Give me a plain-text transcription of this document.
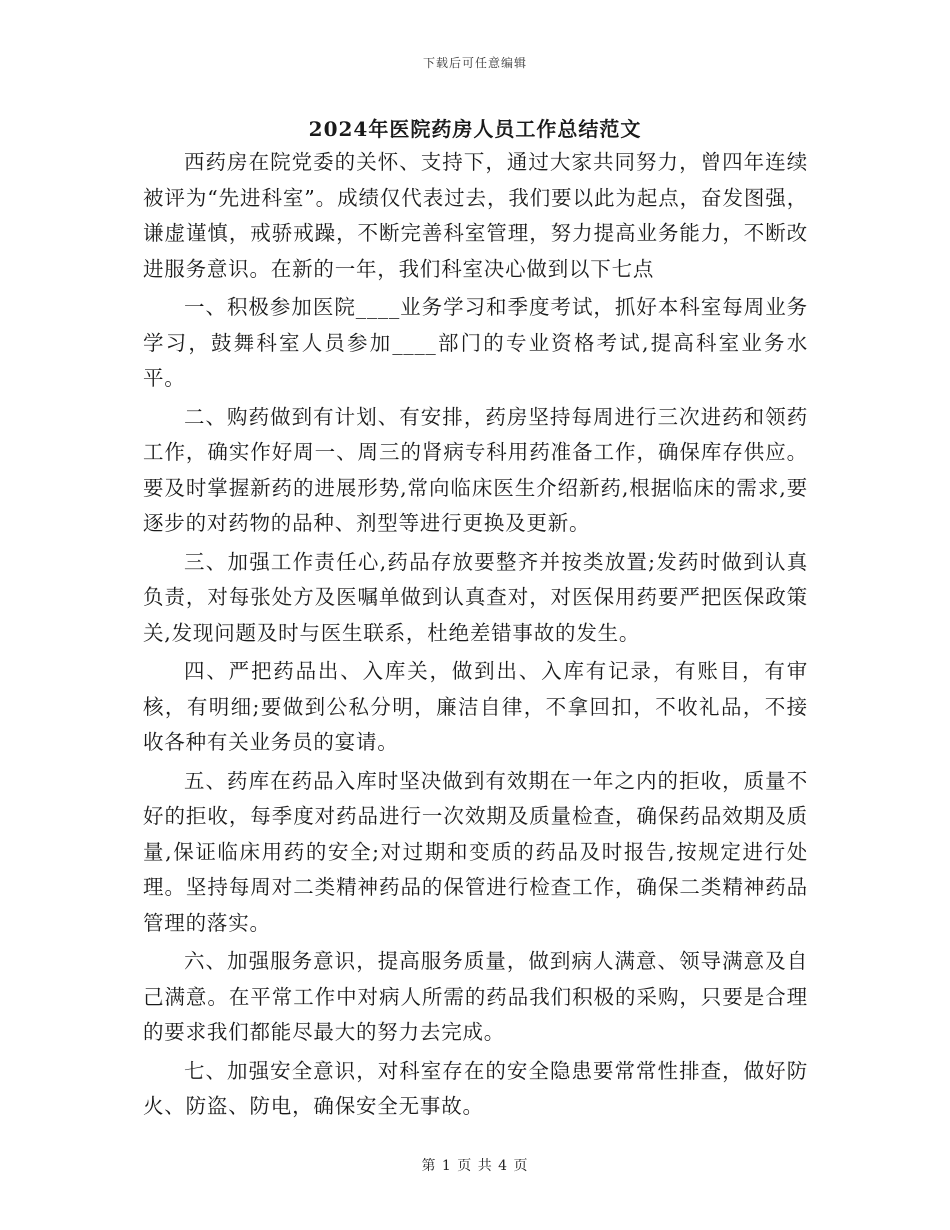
下载后可任意编辑
2024年医院药房人员工作总结范文

西药房在院党委的关怀、支持下，通过大家共同努力，曾四年连续被评为“先进科室”。成绩仅代表过去，我们要以此为起点，奋发图强，谦虚谨慎，戒骄戒躁，不断完善科室管理，努力提高业务能力，不断改进服务意识。在新的一年，我们科室决心做到以下七点

一、积极参加医院____业务学习和季度考试，抓好本科室每周业务学习，鼓舞科室人员参加____部门的专业资格考试,提高科室业务水平。

二、购药做到有计划、有安排，药房坚持每周进行三次进药和领药工作，确实作好周一、周三的肾病专科用药准备工作，确保库存供应。要及时掌握新药的进展形势,常向临床医生介绍新药,根据临床的需求,要逐步的对药物的品种、剂型等进行更换及更新。

三、加强工作责任心,药品存放要整齐并按类放置;发药时做到认真负责，对每张处方及医嘱单做到认真查对，对医保用药要严把医保政策关,发现问题及时与医生联系，杜绝差错事故的发生。

四、严把药品出、入库关，做到出、入库有记录，有账目，有审核，有明细;要做到公私分明，廉洁自律，不拿回扣，不收礼品，不接收各种有关业务员的宴请。

五、药库在药品入库时坚决做到有效期在一年之内的拒收，质量不好的拒收，每季度对药品进行一次效期及质量检查，确保药品效期及质量,保证临床用药的安全;对过期和变质的药品及时报告,按规定进行处理。坚持每周对二类精神药品的保管进行检查工作，确保二类精神药品管理的落实。

六、加强服务意识，提高服务质量，做到病人满意、领导满意及自己满意。在平常工作中对病人所需的药品我们积极的采购，只要是合理的要求我们都能尽最大的努力去完成。

七、加强安全意识，对科室存在的安全隐患要常常性排查，做好防火、防盗、防电，确保安全无事故。

第 1 页 共 4 页
